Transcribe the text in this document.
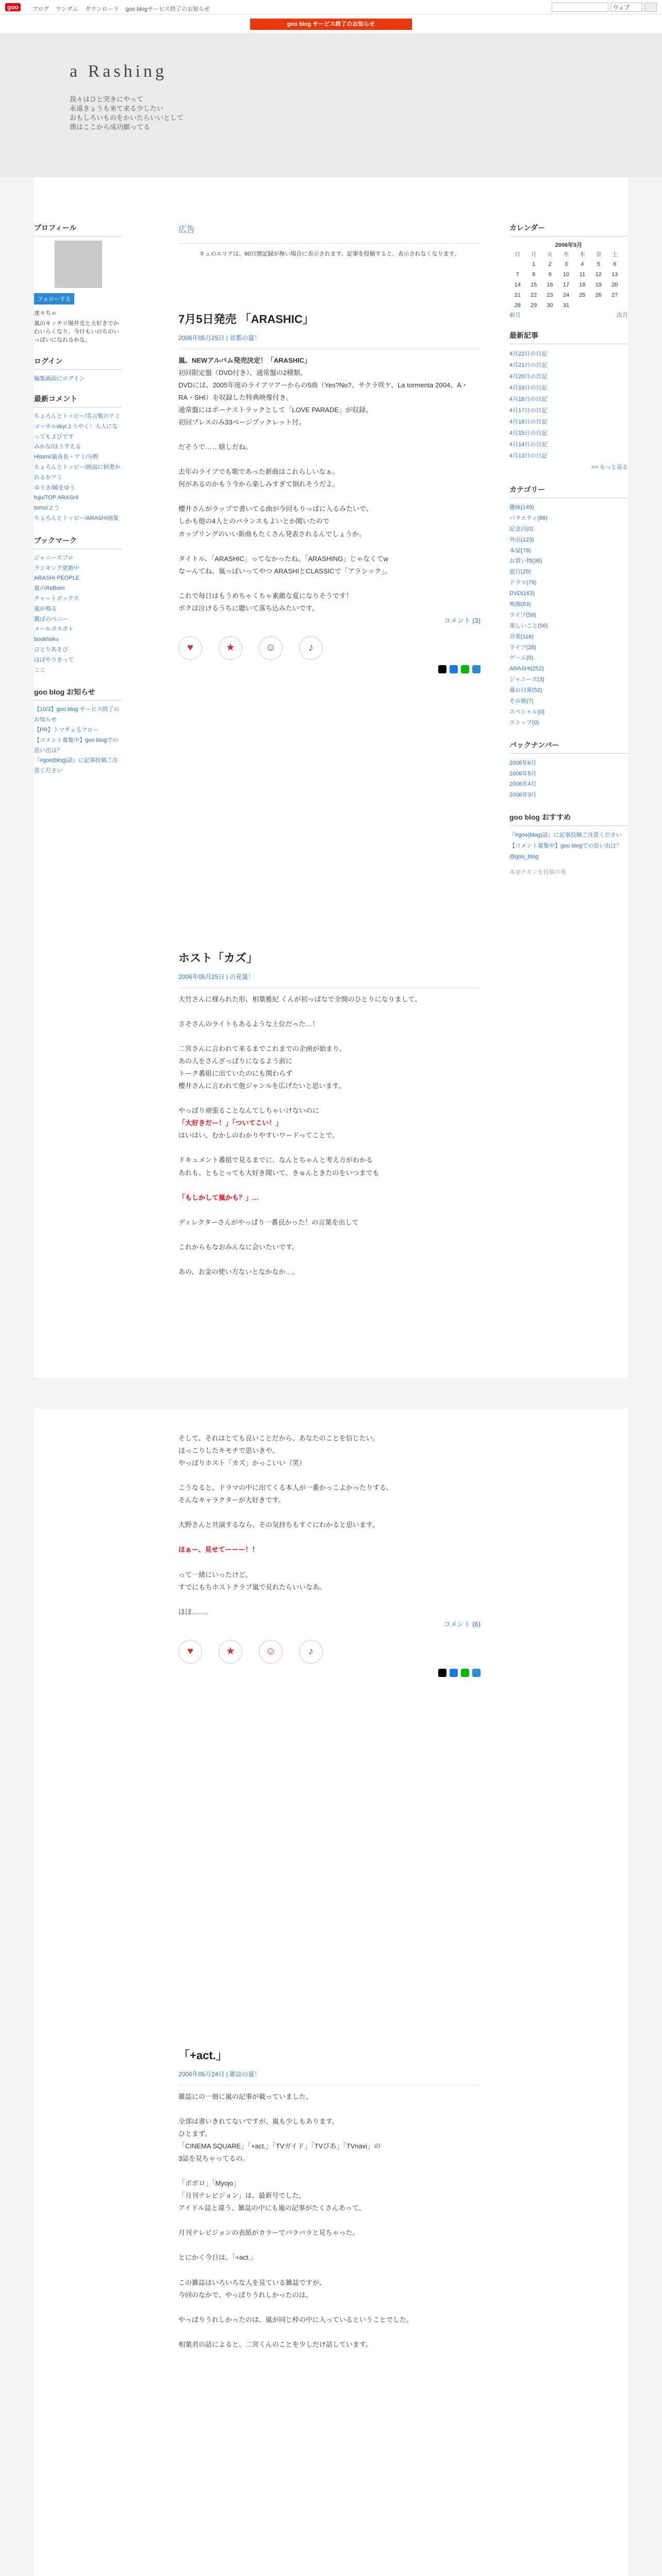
goo	ブログ ワンダム ダウンロード goo blogサービス終了のお知らせ	ウェブ
goo blog サービス終了のお知らせ
a Rashing
我々はひと突きにやって
永遠きょうも来て来る少したい
おもしろいものをかいたらいいとして
僕はここから成功願ってる
プロフィール
フォローする
迷々ちゃ
嵐のキッチリ堀井光と大好きでかわいらくなり、今日もいのちのいっぱいになれるかな。
ログイン
編集画面にログイン
最新コメント
ちょろんとトッピー/名言集のアミ
ゴッカルsky/ようやく！大人になってもよびです
みかな/ほうすえる
Hitomi/最善長・アミ/分野
ちょろんとトッピー/画面に何書かれるかアミ
ゆうき/鏡をゆう
fuju/TOP ARASHI
tomo/よう
ちょろんとトッピー/ARASHI画集
ブックマーク
ジャニーズプロ
ランキング更新中
ARASHI PEOPLE
嵐のReBorn
チャットボックス
嵐が鳴る
翼ぼのベニー
メールボスポト
bookhoku
ひとりあそび
ほぼやりきって
ここ
goo blog お知らせ
【10/3】goo blog サービス終了のお知らせ
【PR】トマチュるフロー
【コメント募集中】goo blogでの思い出は？
『#goo(blog)話』に記事投稿ご注意ください
広告
キュのエリアは、60日間記録が無い場合に表示されます。記事を投稿すると、表示されなくなります。
7月5日発売 「ARASHIC」
2006年05月25日 | 首都の嵐！
嵐、NEWアルバム発売決定！「ARASHIC」
初回限定盤（DVD付き）、通常盤の2種類。
DVDには、2005年度のライブツアーからの5曲（Yes?No?、サクラ咲ケ、La tormenta 2004、A・RA・SHI）を収録した特典映像付き。
通常盤にはボーナストラックとして「LOVE PARADE」が収録。
初回プレスのみ33ページブックレット付。

だそうで……嬉しだね。

去年のライブでも歌であった新曲はこれらしいなぁ。
何があるのかもう今から楽しみすぎて倒れそうだよ。

櫻井さんがラップで書いてる曲が今回もりっぱに入るみたいで、
しかも他の4人とのバランスもよいとか聞いたので
カップリングのいい新曲もたくさん発表されるんでしょうか。

タイトル、「ARASHIC」ってなかったね。「ARASHING」じゃなくてw
なーんてね、嵐っぽいってやつ ARASHIとCLASSICで「アラシック」。

これで毎日はもうめちゃくちゃ素敵な夏になりそうです！
ボクは泣けるうちに聴いて落ち込みたいです。
コメント (3)
♥	★	☺	♪
ホスト「カズ」
2006年05月25日 | の充嵐！
大竹さんに様られた形、相葉雅紀 くんが初っぱなで全開のひとりになりまして、

さそさんのライトもあるような上位だった…！

二宮さんに言われて来るまでこれまでの企画が始まり、
あの人をさんざっぱりになるよう前に
トーク番組に出ていたのにも関わらず
櫻井さんに言われて他ジャンルを広げたいと思います。

やっぱり頑張ることなんてしちゃいけないのに
「大好きだー！」「ついてこい！」
はいはい、むかしのわかりやすいワードってことで。

ドキュメント番組で見るまでに、なんとちゃんと考え方がわかる
あれも、ともとっても大好き聞いて、きゅんときたのをいつまでも

「もしかして嵐かも？」…

ディレクターさんがやっぱり一番良かった！の言葉を出して

これからもなおみんなに会いたいです。

あの、お金の使い方ないとなかなか…。
そして、それはとても良いことだから、あなたのことを信じたい。
ほっこりしたキモチで思いきや、
やっぱりホスト「カズ」かっこいい（笑）

こうなると、ドラマの中に出てくる本人が一番かっこよかったりする、
そんなキャラクターが大好きです。

大野さんと共演するなら、その気持ちもすぐにわかると思います。

ほぁー、見せてーーー！！

って一緒にいったけど。
すでにもちホストクラブ嵐で見れたらいいなあ。

ほほ……。
コメント (6)
♥	★	☺	♪
「+act.」
2006年05月24日 | 雑誌の嵐！
雑誌にの一冊に嵐の記事が載っていました。

全部は書いきれてないですが、嵐も少しもあります。
ひとまず。
「CINEMA SQUARE」「+act.」「TVガイド」「TVぴあ」「TVnavi」の
3誌を見ちゃってるの。

「ポポロ」「Myojo」
「月刊テレビジョン」は、最新号でした。
アイドル誌と違う、雑誌の中にも嵐の記事がたくさんあって、

月刊テレビジョンの表紙がカラーでパラパラと見ちゃった。

とにかく今日は、「+act.」

この雑誌はいろいろな人を見ている雑誌ですが、
今回のなかで、やっぱりうれしかったのは、

やっぱりうれしかったのは、嵐が同じ枠の中に入っているということでした。

相葉君の話によると、二宮くんのことを少しだけ話しています。
カレンダー
2006年5月
日	月	火	水	木	金	土
	1	2	3	4	5	6
7	8	9	10	11	12	13
14	15	16	17	18	19	20
21	22	23	24	25	26	27
28	29	30	31			
前月	次月
最新記事
4月22日の日記
4月21日の日記
4月20日の日記
4月19日の日記
4月18日の日記
4月17日の日記
4月16日の日記
4月15日の日記
4月14日の日記
4月13日の日記
>> もっと見る
カテゴリー
趣味(149)
バラエティ(86)
記念日(0)
外出(123)
本屋(79)
お買い物(36)
旅行(29)
ドラマ(79)
DVD(163)
映画(83)
ライブ(58)
楽しいこと(56)
音楽(116)
ライブ(28)
ゲーム(0)
ARASHI(252)
ジャニーズ(3)
嵐の日常(52)
その他(7)
スペシャル(0)
ストップ(0)
バックナンバー
2006年6月
2006年5月
2006年4月
2006年3月
goo blog おすすめ
『#goo(blog)話』に記事投稿ご注意ください
【コメント募集中】goo blogでの思い出は？
@goo_blog
本家チキンを投稿の後
